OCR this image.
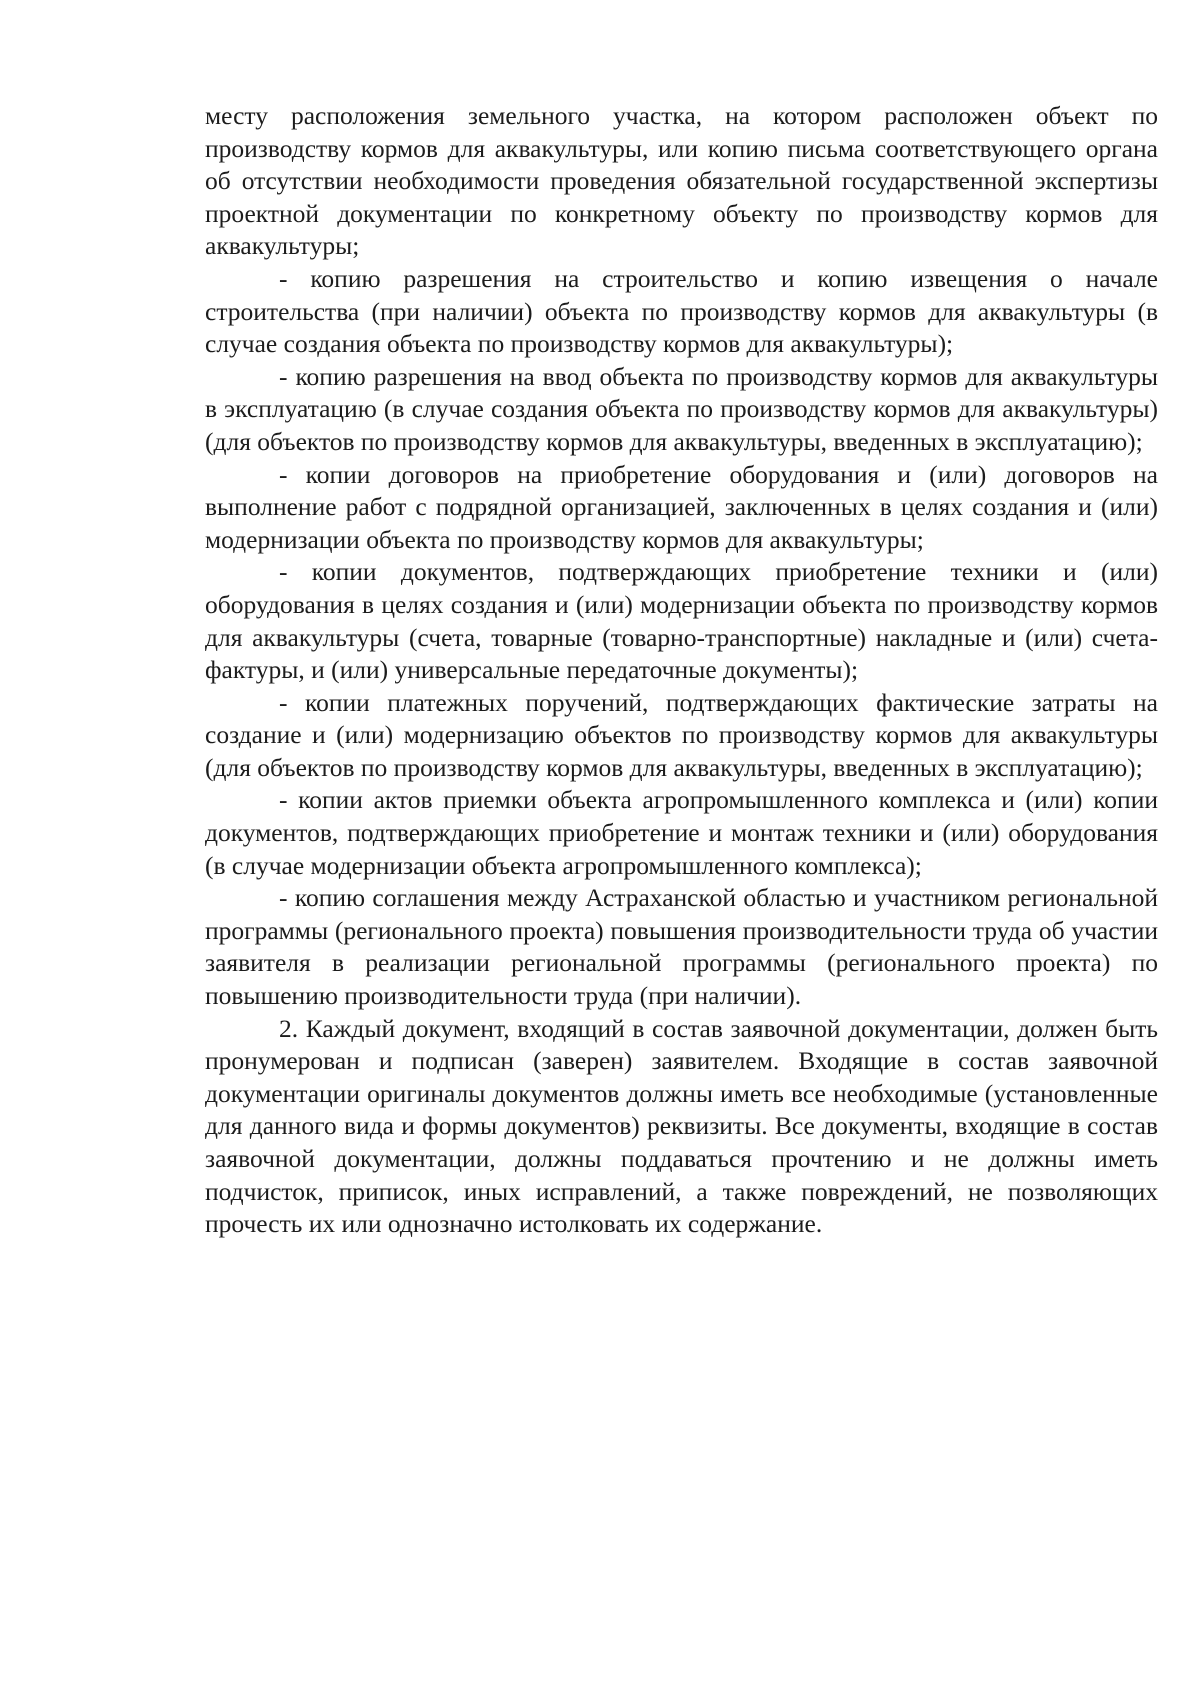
месту расположения земельного участка, на котором расположен объект по производству кормов для аквакультуры, или копию письма соответствующего органа об отсутствии необходимости проведения обязательной государственной экспертизы проектной документации по конкретному объекту по производству кормов для аквакультуры;

- копию разрешения на строительство и копию извещения о начале строительства (при наличии) объекта по производству кормов для аквакультуры (в случае создания объекта по производству кормов для аквакультуры);

- копию разрешения на ввод объекта по производству кормов для аквакультуры в эксплуатацию (в случае создания объекта по производству кормов для аквакультуры) (для объектов по производству кормов для аквакультуры, введенных в эксплуатацию);

- копии договоров на приобретение оборудования и (или) договоров на выполнение работ с подрядной организацией, заключенных в целях создания и (или) модернизации объекта по производству кормов для аквакультуры;

- копии документов, подтверждающих приобретение техники и (или) оборудования в целях создания и (или) модернизации объекта по производству кормов для аквакультуры (счета, товарные (товарно-транспортные) накладные и (или) счета-фактуры, и (или) универсальные передаточные документы);

- копии платежных поручений, подтверждающих фактические затраты на создание и (или) модернизацию объектов по производству кормов для аквакультуры (для объектов по производству кормов для аквакультуры, введенных в эксплуатацию);

- копии актов приемки объекта агропромышленного комплекса и (или) копии документов, подтверждающих приобретение и монтаж техники и (или) оборудования (в случае модернизации объекта агропромышленного комплекса);

- копию соглашения между Астраханской областью и участником региональной программы (регионального проекта) повышения производительности труда об участии заявителя в реализации региональной программы (регионального проекта) по повышению производительности труда (при наличии).

2. Каждый документ, входящий в состав заявочной документации, должен быть пронумерован и подписан (заверен) заявителем. Входящие в состав заявочной документации оригиналы документов должны иметь все необходимые (установленные для данного вида и формы документов) реквизиты. Все документы, входящие в состав заявочной документации, должны поддаваться прочтению и не должны иметь подчисток, приписок, иных исправлений, а также повреждений, не позволяющих прочесть их или однозначно истолковать их содержание.
